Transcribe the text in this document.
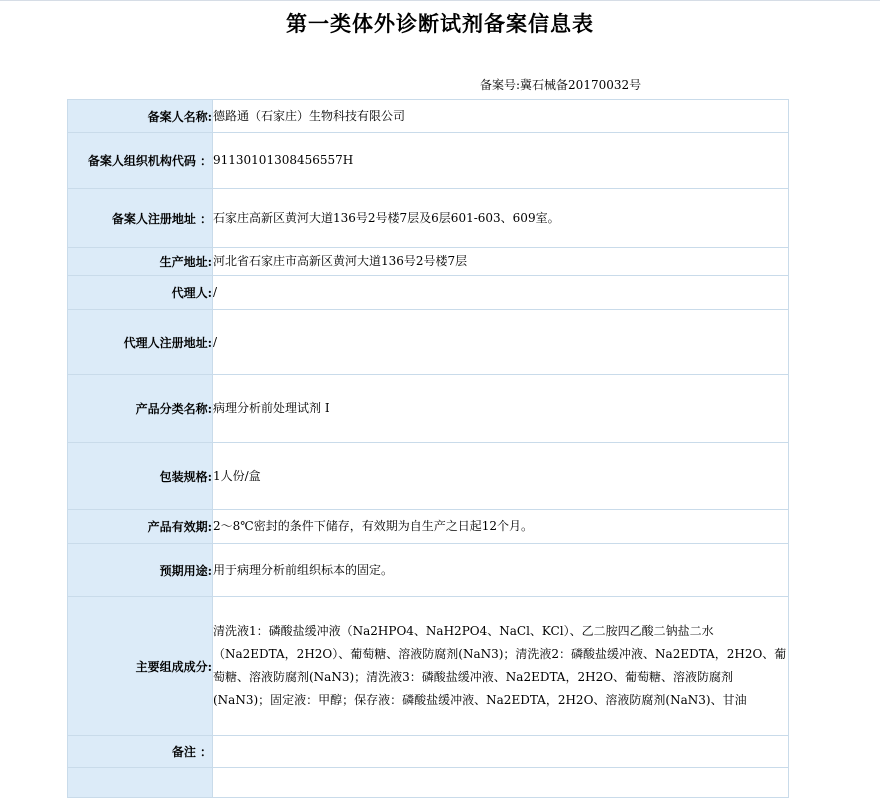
第一类体外诊断试剂备案信息表
备案号:冀石械备20170032号
备案人名称:	德路通（石家庄）生物科技有限公司
备案人组织机构代码 ：	91130101308456557H
备案人注册地址 ：	石家庄高新区黄河大道136号2号楼7层及6层601-603、609室。
生产地址:	河北省石家庄市高新区黄河大道136号2号楼7层
代理人:	/
代理人注册地址:	/
产品分类名称:	病理分析前处理试剂 I
包装规格:	1人份/盒
产品有效期:	2～8℃密封的条件下储存，有效期为自生产之日起12个月。
预期用途:	用于病理分析前组织标本的固定。
主要组成成分:	清洗液1：磷酸盐缓冲液（Na2HPO4、NaH2PO4、NaCl、KCl）、乙二胺四乙酸二钠盐二水（Na2EDTA，2H2O）、葡萄糖、溶液防腐剂(NaN3)；清洗液2：磷酸盐缓冲液、Na2EDTA，2H2O、葡萄糖、溶液防腐剂(NaN3)；清洗液3：磷酸盐缓冲液、Na2EDTA，2H2O、葡萄糖、溶液防腐剂(NaN3)；固定液：甲醇；保存液：磷酸盐缓冲液、Na2EDTA，2H2O、溶液防腐剂(NaN3)、甘油
备注 ：	
